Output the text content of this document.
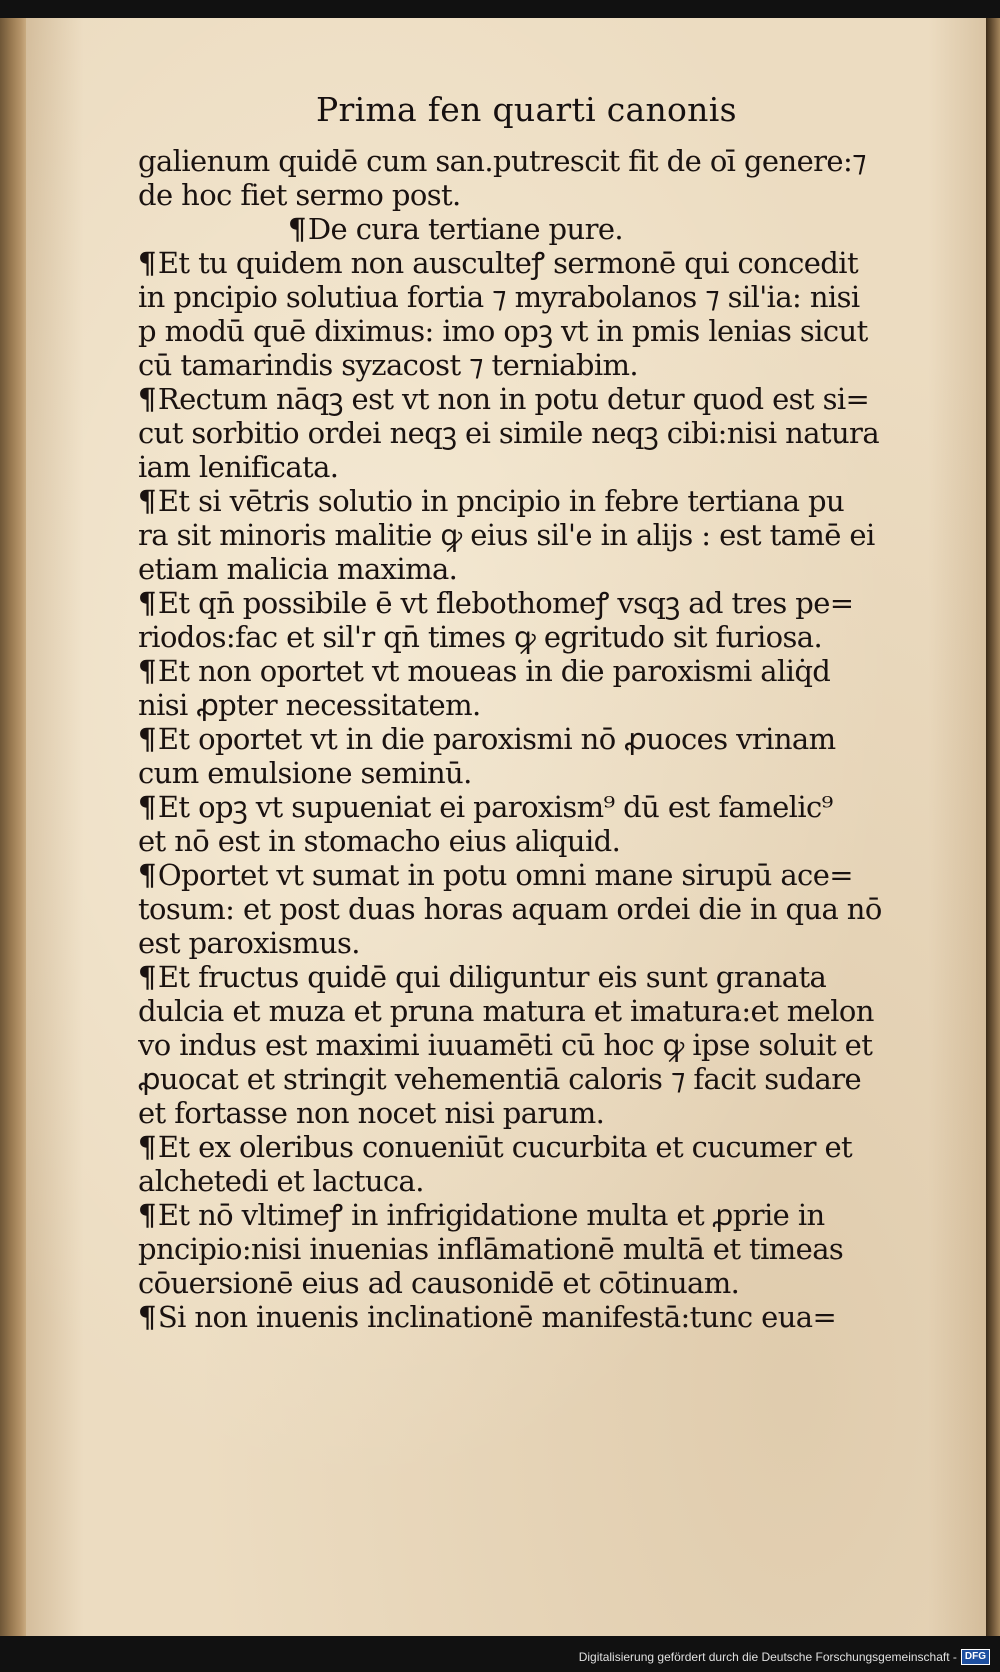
Prima fen quarti canonis
galienum quidē cum san.putrescit fit de oī genere:⁊
de hoc fiet sermo post.
¶De cura tertiane pure.
¶Et tu quidem non ausculteꝭ sermonē qui concedit
in pncipio solutiua fortia ⁊ myrabolanos ⁊ sil'ia: nisi
p modū quē diximus: imo opꝫ vt in pmis lenias sicut
cū tamarindis syzacost ⁊ terniabim.
¶Rectum nāqꝫ est vt non in potu detur quod est si=
cut sorbitio ordei neqꝫ ei simile neqꝫ cibi:nisi natura
iam lenificata.
¶Et si vētris solutio in pncipio in febre tertiana pu
ra sit minoris malitie ꝙ eius sil'e in alijs : est tamē ei
etiam malicia maxima.
¶Et qn̄ possibile ē vt flebothomeꝭ vsqꝫ ad tres pe=
riodos:fac et sil'r qn̄ times ꝙ egritudo sit furiosa.
¶Et non oportet vt moueas in die paroxismi aliq̇d
nisi ꝓpter necessitatem.
¶Et oportet vt in die paroxismi nō ꝓuoces vrinam
cum emulsione seminū.
¶Et opꝫ vt supueniat ei paroxism⁹ dū est famelic⁹
et nō est in stomacho eius aliquid.
¶Oportet vt sumat in potu omni mane sirupū ace=
tosum: et post duas horas aquam ordei die in qua nō
est paroxismus.
¶Et fructus quidē qui diliguntur eis sunt granata
dulcia et muza et pruna matura et imatura:et melon
vo indus est maximi iuuamēti cū hoc ꝙ ipse soluit et
ꝓuocat et stringit vehementiā caloris ⁊ facit sudare
et fortasse non nocet nisi parum.
¶Et ex oleribus conueniūt cucurbita et cucumer et
alchetedi et lactuca.
¶Et nō vltimeꝭ in infrigidatione multa et ꝓprie in
pncipio:nisi inuenias inflāmationē multā et timeas
cōuersionē eius ad causonidē et cōtinuam.
¶Si non inuenis inclinationē manifestā:tunc eua=
Digitalisierung gefördert durch die Deutsche Forschungsgemeinschaft - DFG
